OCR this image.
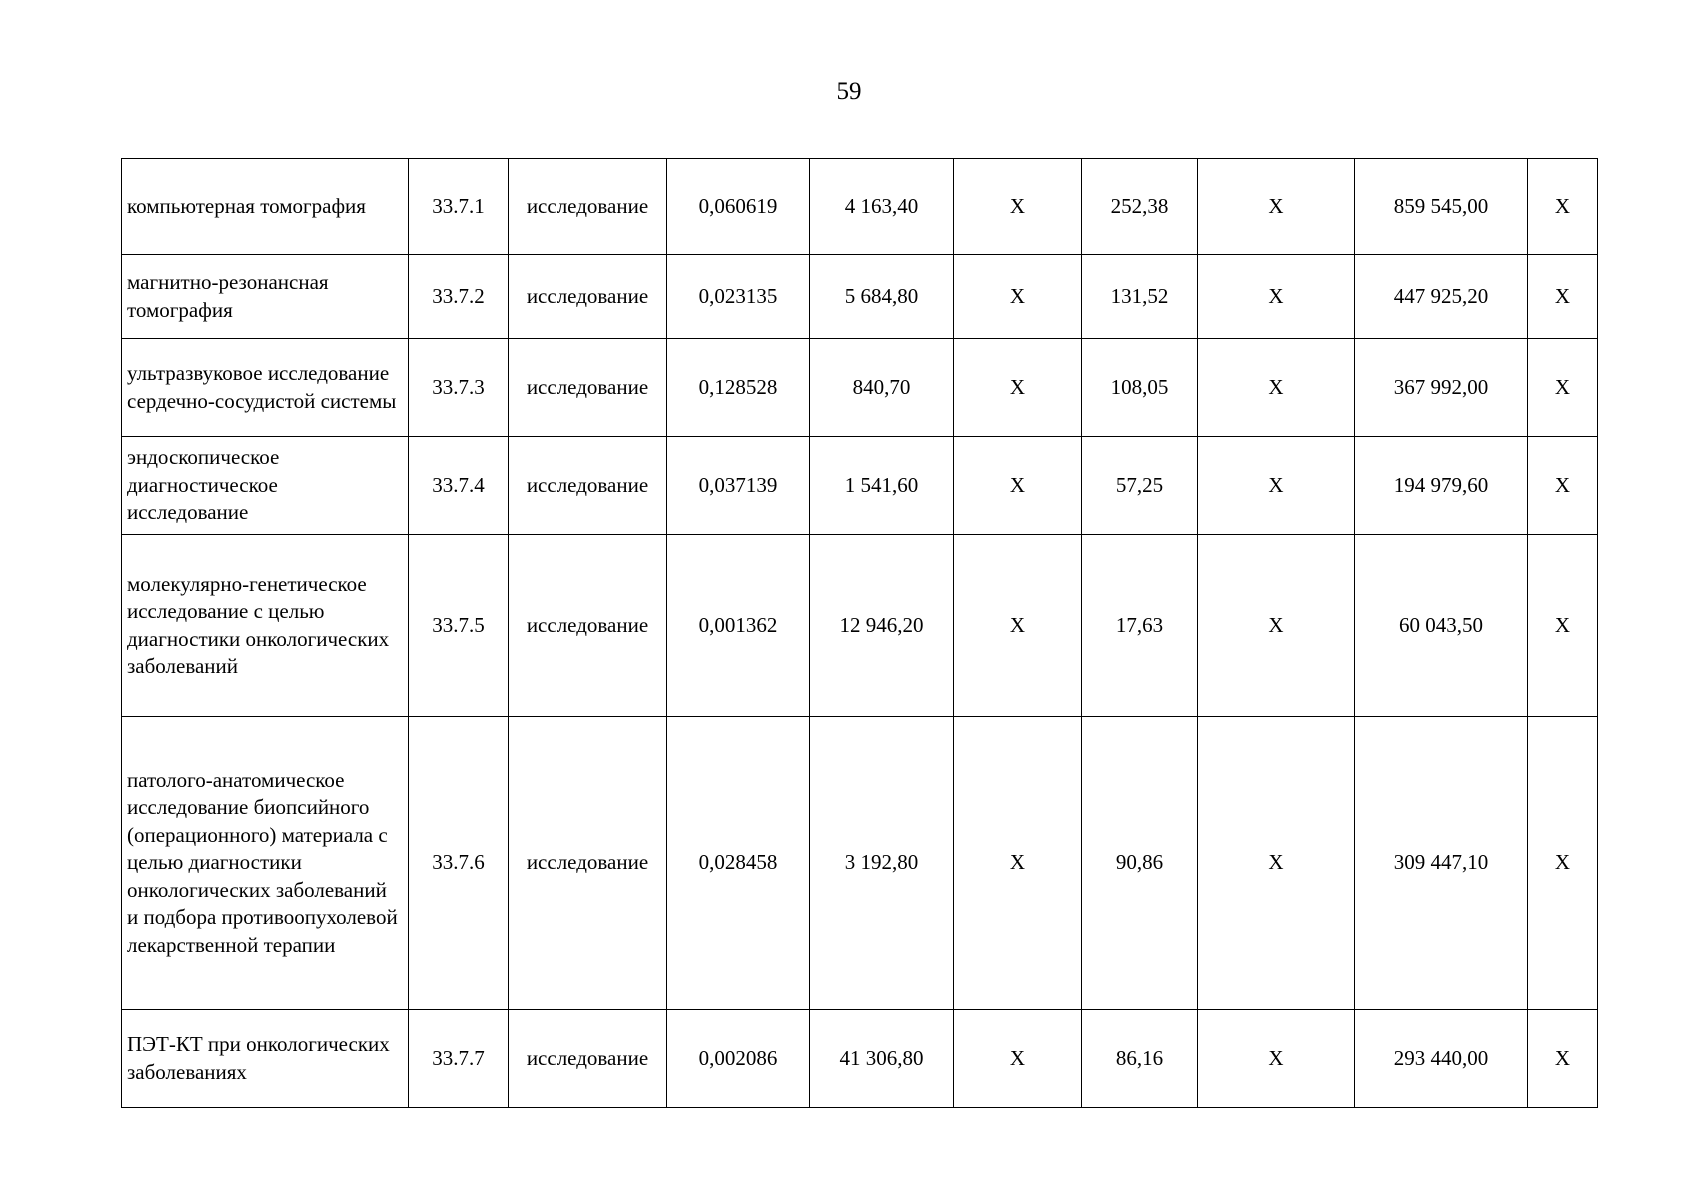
59
компьютерная томография	33.7.1	исследование	0,060619	4 163,40	X	252,38	X	859 545,00	X
магнитно-резонансная томография	33.7.2	исследование	0,023135	5 684,80	X	131,52	X	447 925,20	X
ультразвуковое исследование сердечно-сосудистой системы	33.7.3	исследование	0,128528	840,70	X	108,05	X	367 992,00	X
эндоскопическое диагностическое исследование	33.7.4	исследование	0,037139	1 541,60	X	57,25	X	194 979,60	X
молекулярно-генетическое исследование с целью диагностики онкологических заболеваний	33.7.5	исследование	0,001362	12 946,20	X	17,63	X	60 043,50	X
патолого-анатомическое исследование биопсийного (операционного) материала с целью диагностики онкологических заболеваний и подбора противоопухолевой лекарственной терапии	33.7.6	исследование	0,028458	3 192,80	X	90,86	X	309 447,10	X
ПЭТ-КТ при онкологических заболеваниях	33.7.7	исследование	0,002086	41 306,80	X	86,16	X	293 440,00	X
